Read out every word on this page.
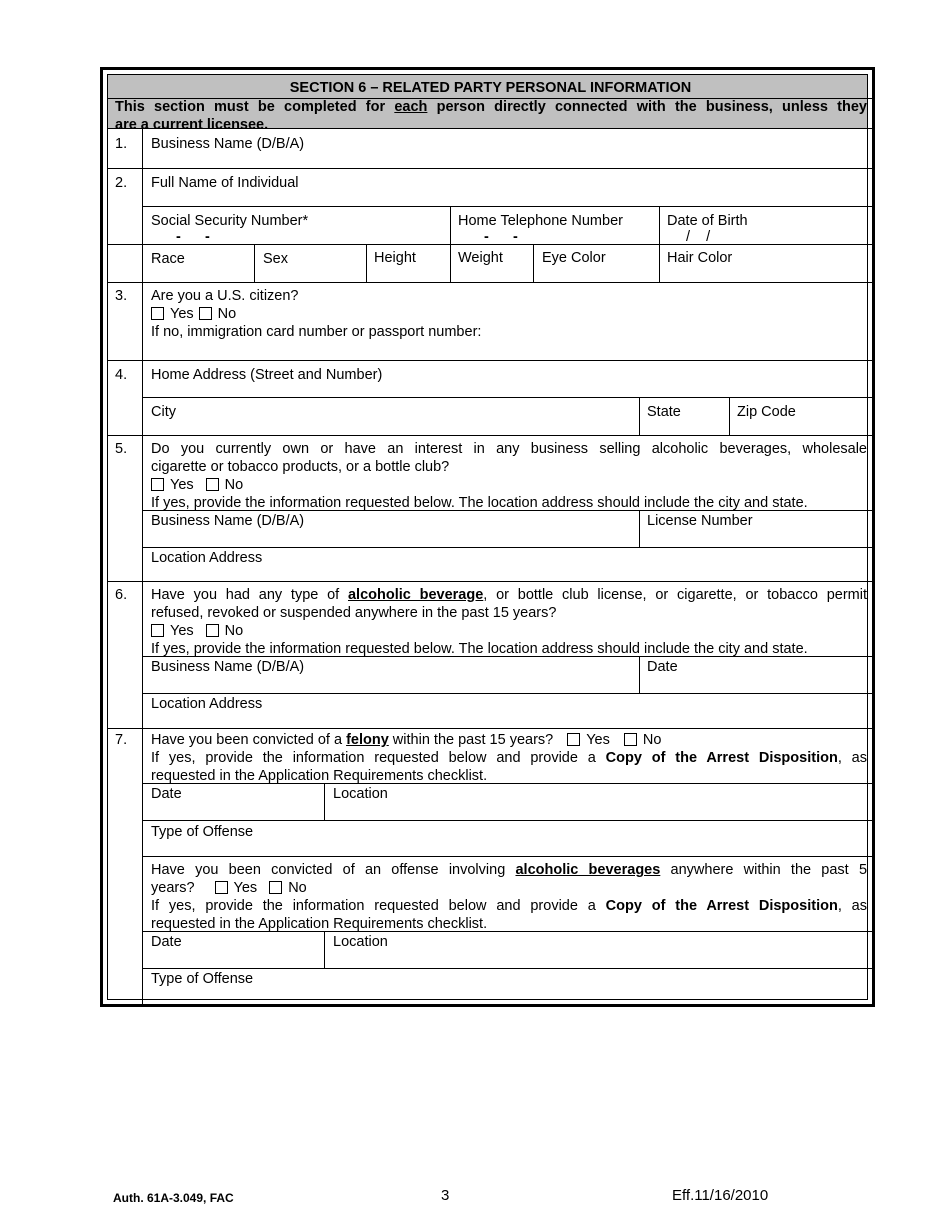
SECTION 6 – RELATED PARTY PERSONAL INFORMATION
This section must be completed for each person directly connected with the business, unless they
are a current licensee.
1. Business Name (D/B/A)
2. Full Name of Individual
Social Security Number*
-      -
Home Telephone Number
-      -
Date of Birth
/    /
Race	Sex	Height	Weight	Eye Color	Hair Color
3. Are you a U.S. citizen?
Yes No
If no, immigration card number or passport number:
4. Home Address (Street and Number)
City	State	Zip Code
5. Do you currently own or have an interest in any business selling alcoholic beverages, wholesale
cigarette or tobacco products, or a bottle club?
Yes No
If yes, provide the information requested below. The location address should include the city and state.
Business Name (D/B/A)	License Number
Location Address
6. Have you had any type of alcoholic beverage, or bottle club license, or cigarette, or tobacco permit
refused, revoked or suspended anywhere in the past 15 years?
Yes No
If yes, provide the information requested below. The location address should include the city and state.
Business Name (D/B/A)	Date
Location Address
7. Have you been convicted of a felony within the past 15 years? Yes No
If yes, provide the information requested below and provide a Copy of the Arrest Disposition, as
requested in the Application Requirements checklist.
Date	Location
Type of Offense
Have you been convicted of an offense involving alcoholic beverages anywhere within the past 5
years?	Yes No
If yes, provide the information requested below and provide a Copy of the Arrest Disposition, as
requested in the Application Requirements checklist.
Date	Location
Type of Offense
Auth. 61A-3.049, FAC	3	Eff.11/16/2010
